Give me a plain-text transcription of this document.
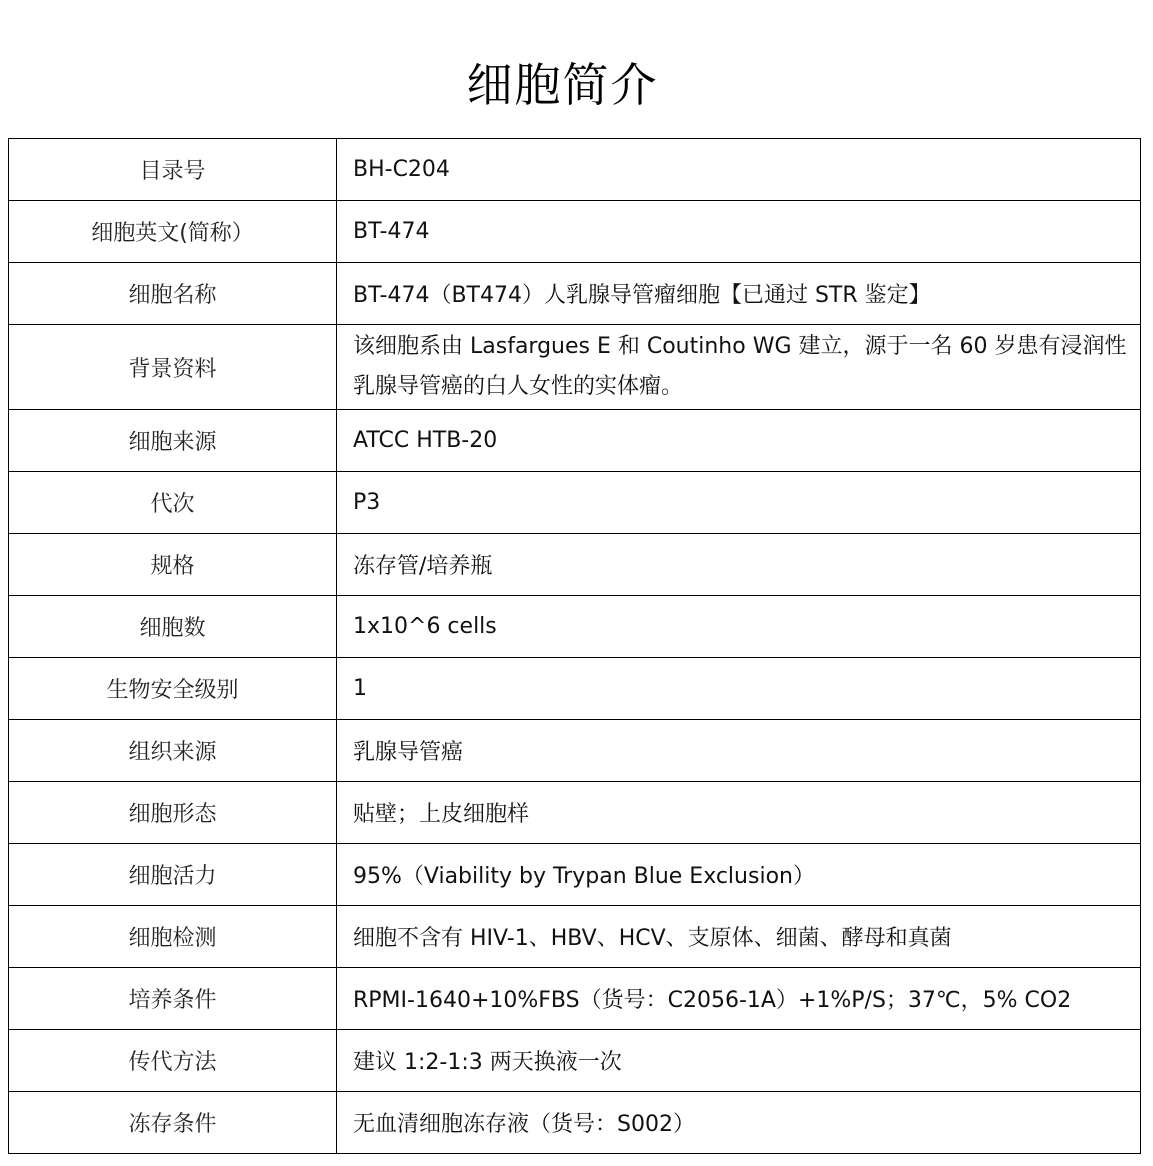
细胞简介
目录号	BH-C204
细胞英文(简称）	BT-474
细胞名称	BT-474（BT474）人乳腺导管瘤细胞【已通过 STR 鉴定】
背景资料	该细胞系由 Lasfargues E 和 Coutinho WG 建立，源于一名 60 岁患有浸润性乳腺导管癌的白人女性的实体瘤。
细胞来源	ATCC HTB-20
代次	P3
规格	冻存管/培养瓶
细胞数	1x10^6 cells
生物安全级别	1
组织来源	乳腺导管癌
细胞形态	贴壁；上皮细胞样
细胞活力	95%（Viability by Trypan Blue Exclusion）
细胞检测	细胞不含有 HIV-1、HBV、HCV、支原体、细菌、酵母和真菌
培养条件	RPMI-1640+10%FBS（货号：C2056-1A）+1%P/S；37℃，5% CO2
传代方法	建议 1:2-1:3 两天换液一次
冻存条件	无血清细胞冻存液（货号：S002）
